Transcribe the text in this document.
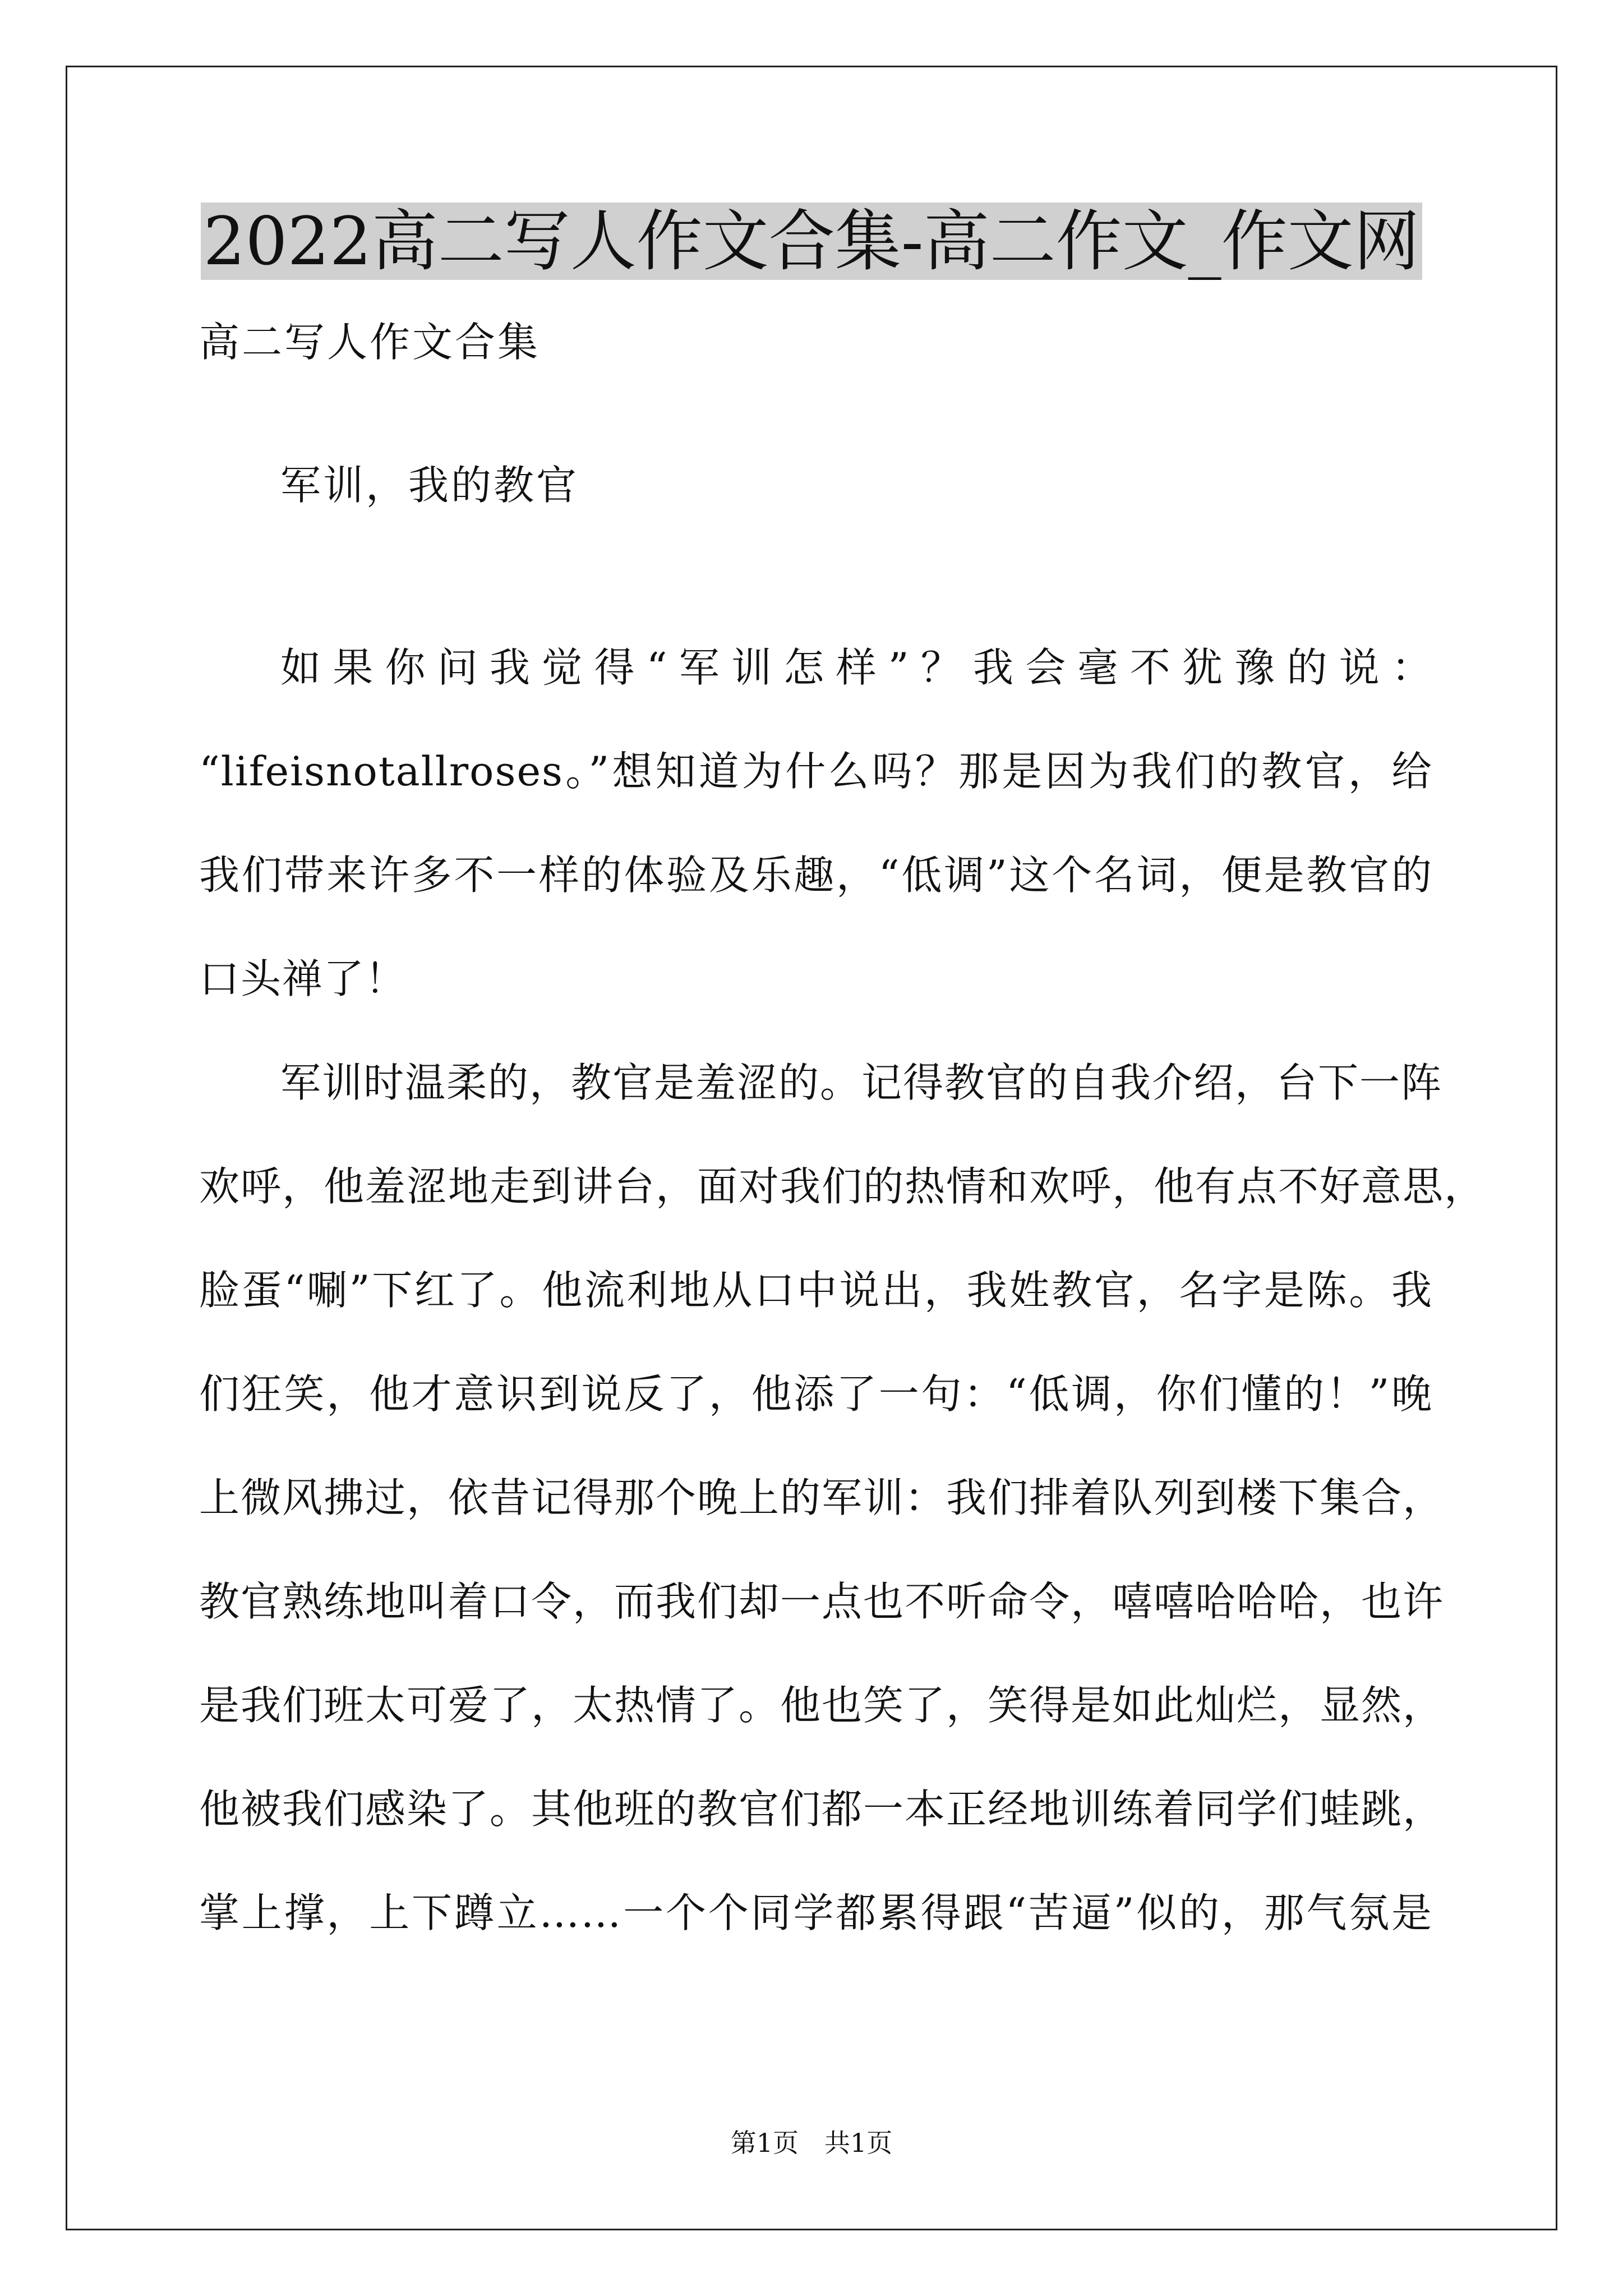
2022高二写人作文合集-高二作文_作文网
高二写人作文合集
军训，我的教官
如果你问我觉得“军训怎样”？我会毫不犹豫的说：
“lifeisnotallroses。”想知道为什么吗？那是因为我们的教官，给
我们带来许多不一样的体验及乐趣，“低调”这个名词，便是教官的
口头禅了！
军训时温柔的，教官是羞涩的。记得教官的自我介绍，台下一阵
欢呼，他羞涩地走到讲台，面对我们的热情和欢呼，他有点不好意思，
脸蛋“唰”下红了。他流利地从口中说出，我姓教官，名字是陈。我
们狂笑，他才意识到说反了，他添了一句：“低调，你们懂的！”晚
上微风拂过，依昔记得那个晚上的军训：我们排着队列到楼下集合，
教官熟练地叫着口令，而我们却一点也不听命令，嘻嘻哈哈哈，也许
是我们班太可爱了，太热情了。他也笑了，笑得是如此灿烂，显然，
他被我们感染了。其他班的教官们都一本正经地训练着同学们蛙跳，
掌上撑，上下蹲立……一个个同学都累得跟“苦逼”似的，那气氛是
第1页　共1页
